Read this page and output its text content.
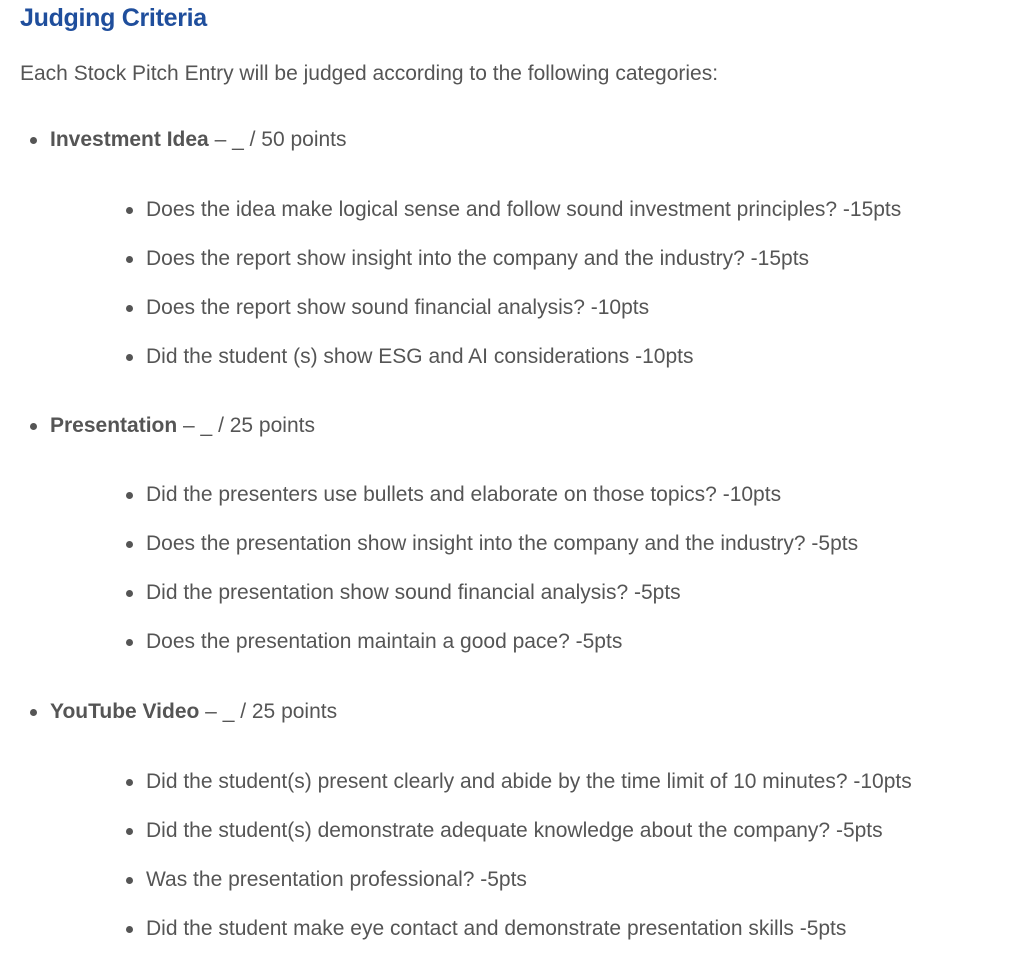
Judging Criteria

Each Stock Pitch Entry will be judged according to the following categories:

Investment Idea – _ / 50 points
Does the idea make logical sense and follow sound investment principles? -15pts
Does the report show insight into the company and the industry? -15pts
Does the report show sound financial analysis? -10pts
Did the student (s) show ESG and AI considerations -10pts
Presentation – _ / 25 points
Did the presenters use bullets and elaborate on those topics? -10pts
Does the presentation show insight into the company and the industry? -5pts
Did the presentation show sound financial analysis? -5pts
Does the presentation maintain a good pace? -5pts
YouTube Video – _ / 25 points
Did the student(s) present clearly and abide by the time limit of 10 minutes? -10pts
Did the student(s) demonstrate adequate knowledge about the company? -5pts
Was the presentation professional? -5pts
Did the student make eye contact and demonstrate presentation skills -5pts
